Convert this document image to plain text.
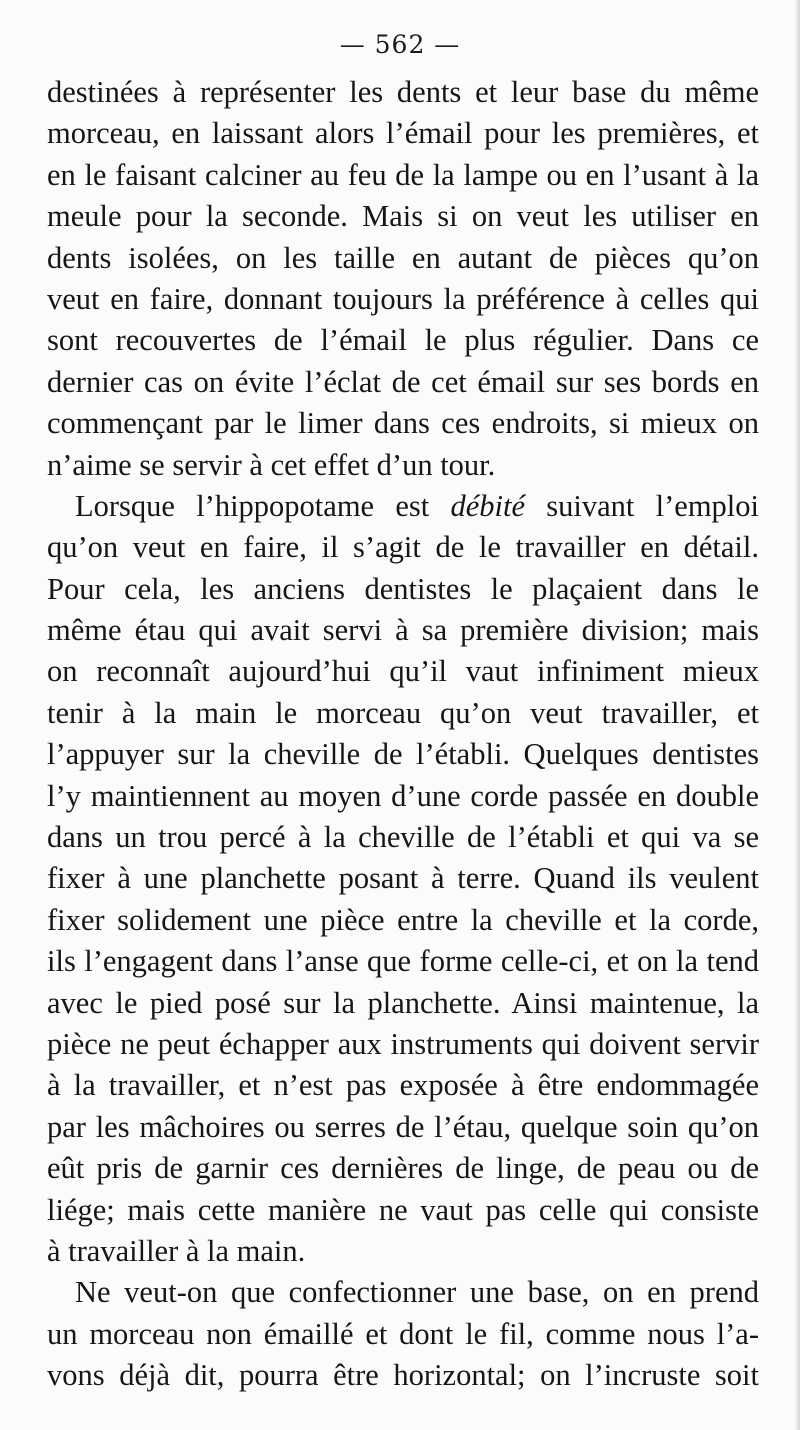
— 562 —
destinées à représenter les dents et leur base du même
morceau, en laissant alors l’émail pour les premières, et
en le faisant calciner au feu de la lampe ou en l’usant à la
meule pour la seconde. Mais si on veut les utiliser en
dents isolées, on les taille en autant de pièces qu’on
veut en faire, donnant toujours la préférence à celles qui
sont recouvertes de l’émail le plus régulier. Dans ce
dernier cas on évite l’éclat de cet émail sur ses bords en
commençant par le limer dans ces endroits, si mieux on
n’aime se servir à cet effet d’un tour.
Lorsque l’hippopotame est débité suivant l’emploi
qu’on veut en faire, il s’agit de le travailler en détail.
Pour cela, les anciens dentistes le plaçaient dans le
même étau qui avait servi à sa première division; mais
on reconnaît aujourd’hui qu’il vaut infiniment mieux
tenir à la main le morceau qu’on veut travailler, et
l’appuyer sur la cheville de l’établi. Quelques dentistes
l’y maintiennent au moyen d’une corde passée en double
dans un trou percé à la cheville de l’établi et qui va se
fixer à une planchette posant à terre. Quand ils veulent
fixer solidement une pièce entre la cheville et la corde,
ils l’engagent dans l’anse que forme celle-ci, et on la tend
avec le pied posé sur la planchette. Ainsi maintenue, la
pièce ne peut échapper aux instruments qui doivent servir
à la travailler, et n’est pas exposée à être endommagée
par les mâchoires ou serres de l’étau, quelque soin qu’on
eût pris de garnir ces dernières de linge, de peau ou de
liége; mais cette manière ne vaut pas celle qui consiste
à travailler à la main.
Ne veut-on que confectionner une base, on en prend
un morceau non émaillé et dont le fil, comme nous l’a-
vons déjà dit, pourra être horizontal; on l’incruste soit
